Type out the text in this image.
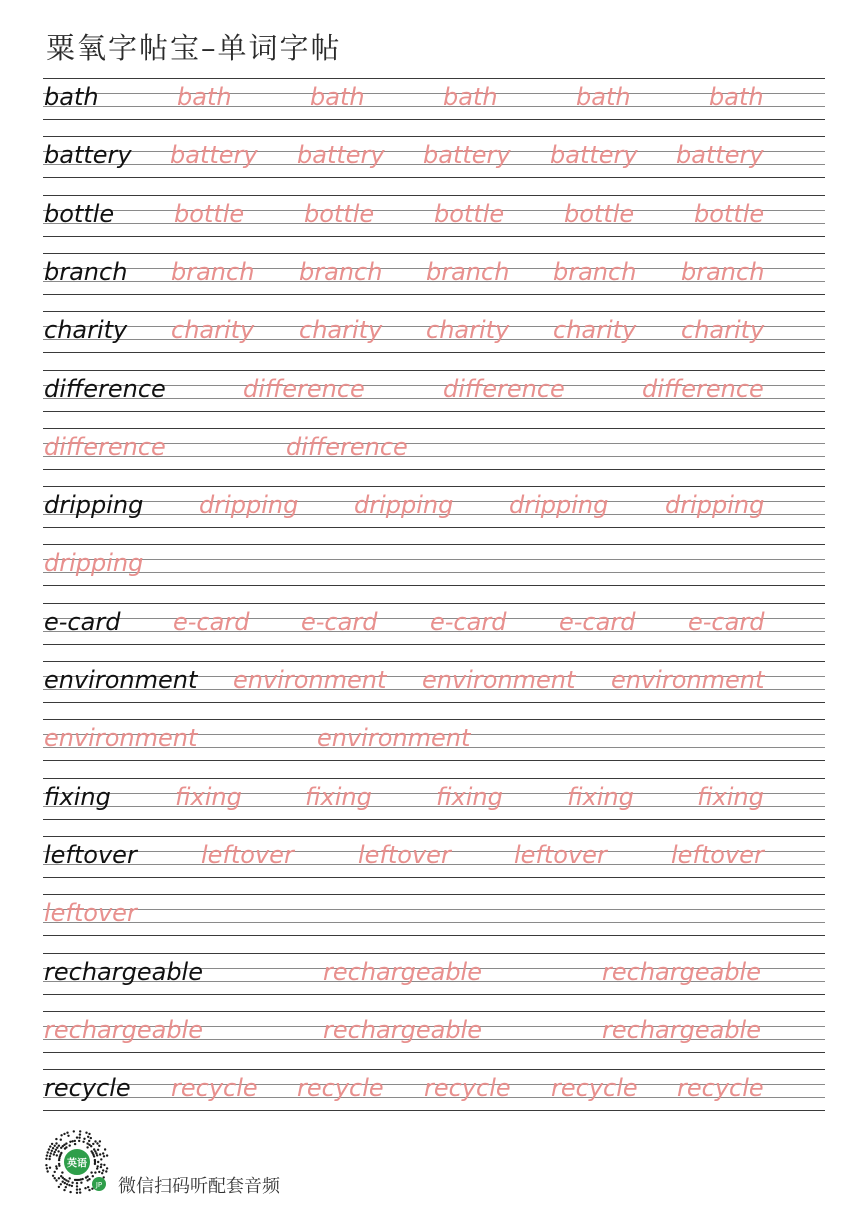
粟氧字帖宝–单词字帖
bath	bath	bath	bath	bath	bath
battery battery battery battery battery battery
bottle bottle bottle bottle bottle bottle
branch branch branch branch branch branch
charity charity charity charity charity charity
difference	difference	difference	difference
difference	difference
dripping dripping dripping dripping dripping
dripping
e-card e-card e-card e-card e-card e-card
environment environment environment environment
environment	environment
fixing	fixing	fixing	fixing	fixing	fixing
leftover	leftover	leftover	leftover	leftover
leftover
rechargeable	rechargeable	rechargeable
rechargeable	rechargeable	rechargeable
recycle recycle recycle recycle recycle recycle
英语
JP 微信扫码听配套音频
